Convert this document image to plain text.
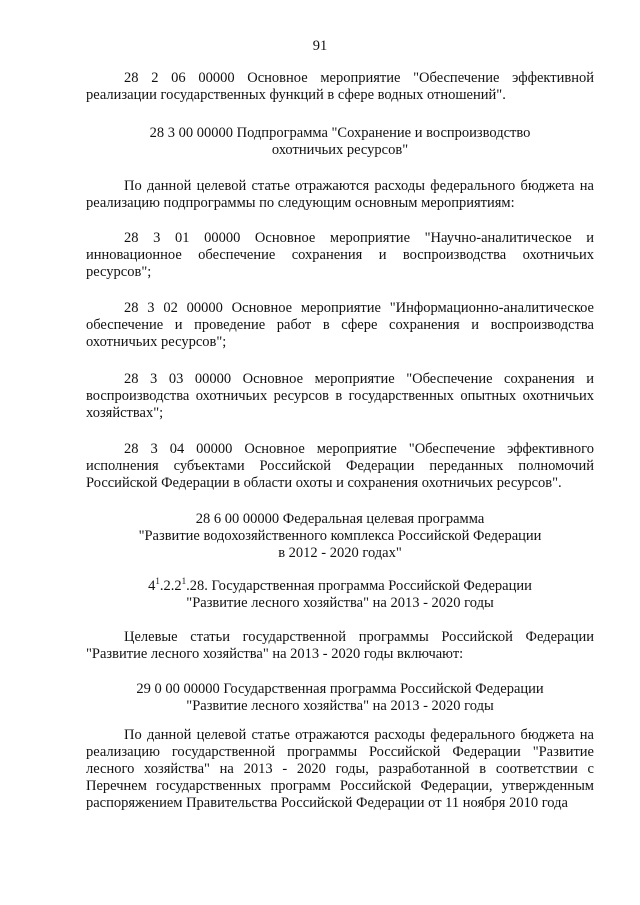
91

28 2 06 00000 Основное мероприятие "Обеспечение эффективной реализации государственных функций в сфере водных отношений".

28 3 00 00000 Подпрограмма "Сохранение и воспроизводство

охотничьих ресурсов"

По данной целевой статье отражаются расходы федерального бюджета на реализацию подпрограммы по следующим основным мероприятиям:

28 3 01 00000 Основное мероприятие "Научно-аналитическое и инновационное обеспечение сохранения и воспроизводства охотничьих ресурсов";

28 3 02 00000 Основное мероприятие "Информационно-аналитическое обеспечение и проведение работ в сфере сохранения и воспроизводства охотничьих ресурсов";

28 3 03 00000 Основное мероприятие "Обеспечение сохранения и воспроизводства охотничьих ресурсов в государственных опытных охотничьих хозяйствах";

28 3 04 00000 Основное мероприятие "Обеспечение эффективного исполнения субъектами Российской Федерации переданных полномочий Российской Федерации в области охоты и сохранения охотничьих ресурсов".

28 6 00 00000 Федеральная целевая программа

"Развитие водохозяйственного комплекса Российской Федерации

в 2012 - 2020 годах"

$4^1.2.2^1.28$. Государственная программа Российской Федерации

"Развитие лесного хозяйства" на 2013 - 2020 годы

Целевые статьи государственной программы Российской Федерации "Развитие лесного хозяйства" на 2013 - 2020 годы включают:

29 0 00 00000 Государственная программа Российской Федерации

"Развитие лесного хозяйства" на 2013 - 2020 годы

По данной целевой статье отражаются расходы федерального бюджета на реализацию государственной программы Российской Федерации "Развитие лесного хозяйства" на 2013 - 2020 годы, разработанной в соответствии с Перечнем государственных программ Российской Федерации, утвержденным распоряжением Правительства Российской Федерации от 11 ноября 2010 года
